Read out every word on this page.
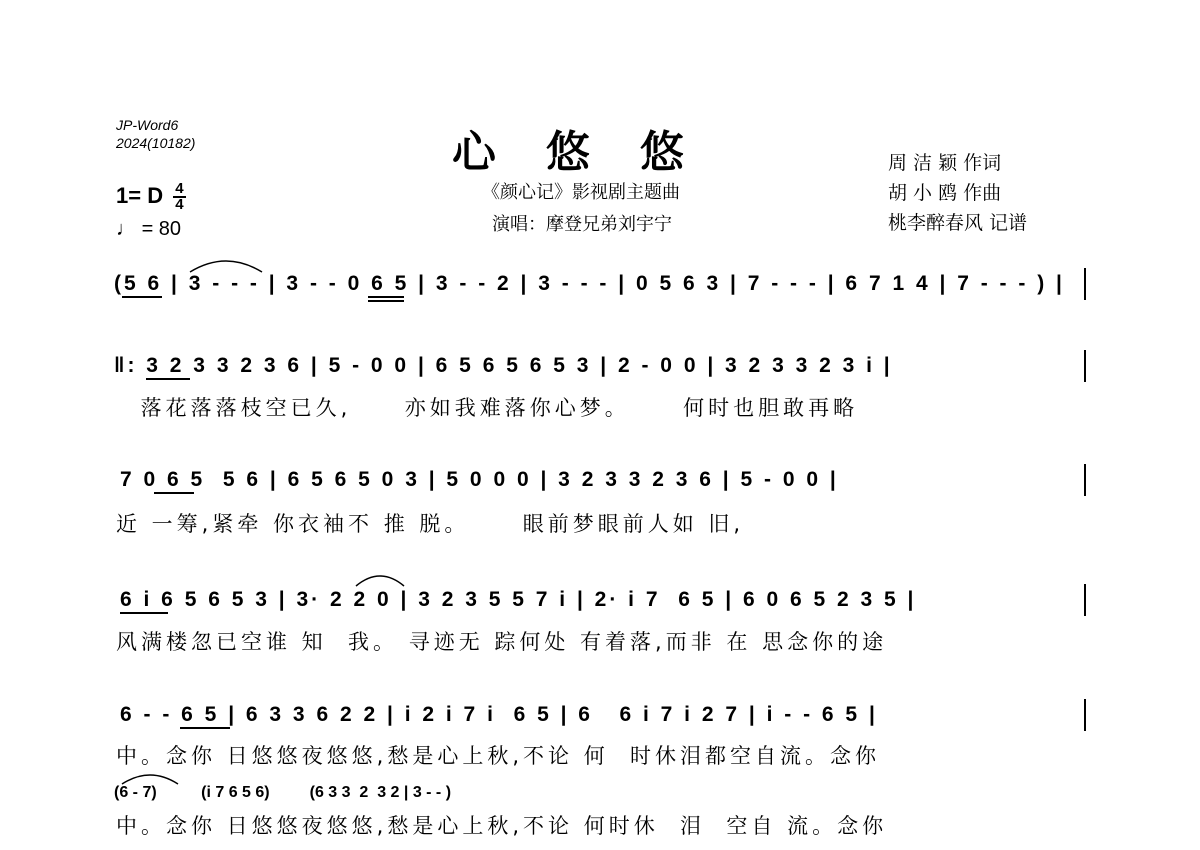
JP-Word6
2024(10182)	心悠悠
《颜心记》影视剧主题曲
演唱：摩登兄弟刘宇宁
周 洁 颖 作词
胡 小 鸥 作曲
桃李醉春风 记谱
1= D $\frac{4}{4}$
♩ = 80
(5 6 | 3 - - - | 3 - - 0 6 5 | 3 - - 2 | 3 - - - | 0 5 6 3 | 7 - - - | 6 7 1 4 | 7 - - - ) |
‖: 3 2 3 3 2 3 6 | 5 - 0 0 | 6 5 6 5 6 5 3 | 2 - 0 0 | 3 2 3 3 2 3 i |
落花落落枝空已久,     亦如我难落你心梦。     何时也胆敢再略
7 0 6 5  5 6 | 6 5 6 5 0 3 | 5 0 0 0 | 3 2 3 3 2 3 6 | 5 - 0 0 |
近 一筹,紧牵 你衣袖不 推 脱。     眼前梦眼前人如 旧,
6 i 6 5 6 5 3 | 3· 2 2 0 | 3 2 3 5 5 7 i | 2· i 7  6 5 | 6 0 6 5 2 3 5 |
风满楼忽已空谁 知  我。 寻迹无 踪何处 有着落,而非 在 思念你的途
6 - - 6 5 | 6 3 3 6 2 2 | i 2 i 7 i  6 5 | 6   6 i 7 i 2 7 | i - - 6 5 |
中。念你 日悠悠夜悠悠,愁是心上秋,不论 何  时休泪都空自流。念你
(6 - 7)          (i 7 6 5 6)         (6 3 3  2  3 2 | 3 - - )
中。念你 日悠悠夜悠悠,愁是心上秋,不论 何时休  泪  空自 流。念你
